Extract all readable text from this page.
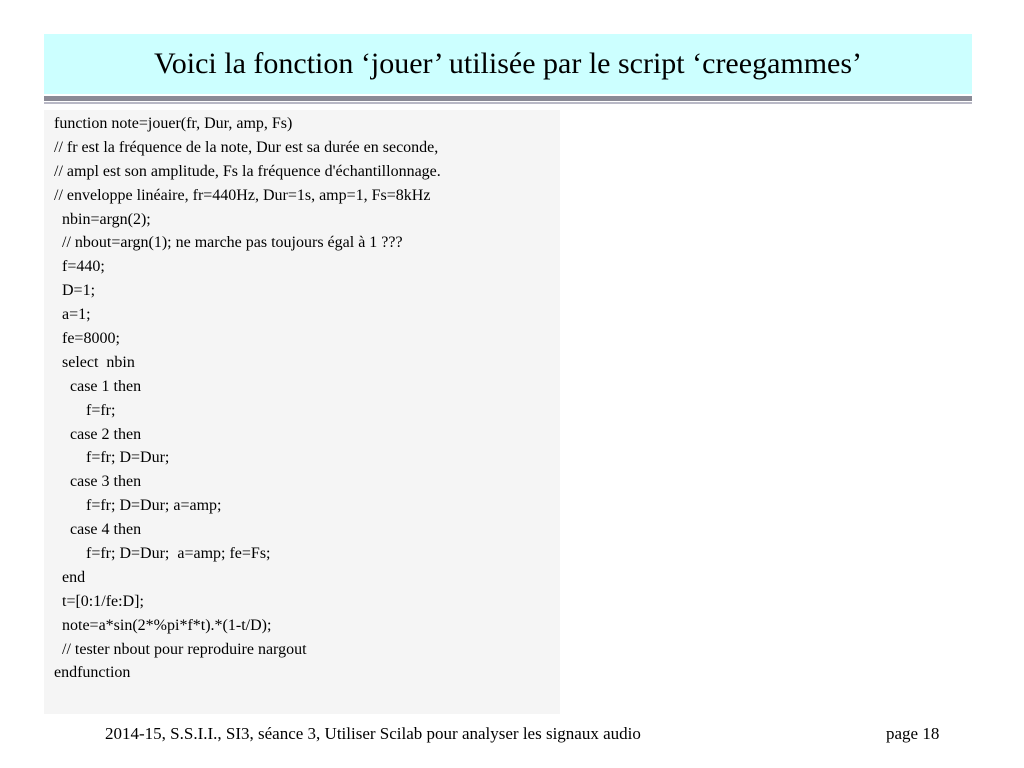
Voici la fonction ‘jouer’ utilisée par le script ‘creegammes’
function note=jouer(fr, Dur, amp, Fs)
// fr est la fréquence de la note, Dur est sa durée en seconde,
// ampl est son amplitude, Fs la fréquence d'échantillonnage.
// enveloppe linéaire, fr=440Hz, Dur=1s, amp=1, Fs=8kHz
nbin=argn(2);
// nbout=argn(1); ne marche pas toujours égal à 1 ???
f=440;
D=1;
a=1;
fe=8000;
select  nbin
case 1 then
f=fr;
case 2 then
f=fr; D=Dur;
case 3 then
f=fr; D=Dur; a=amp;
case 4 then
f=fr; D=Dur;  a=amp; fe=Fs;
end
t=[0:1/fe:D];
note=a*sin(2*%pi*f*t).*(1-t/D);
// tester nbout pour reproduire nargout
endfunction
2014-15, S.S.I.I., SI3, séance 3, Utiliser Scilab pour analyser les signaux audio	page 18
